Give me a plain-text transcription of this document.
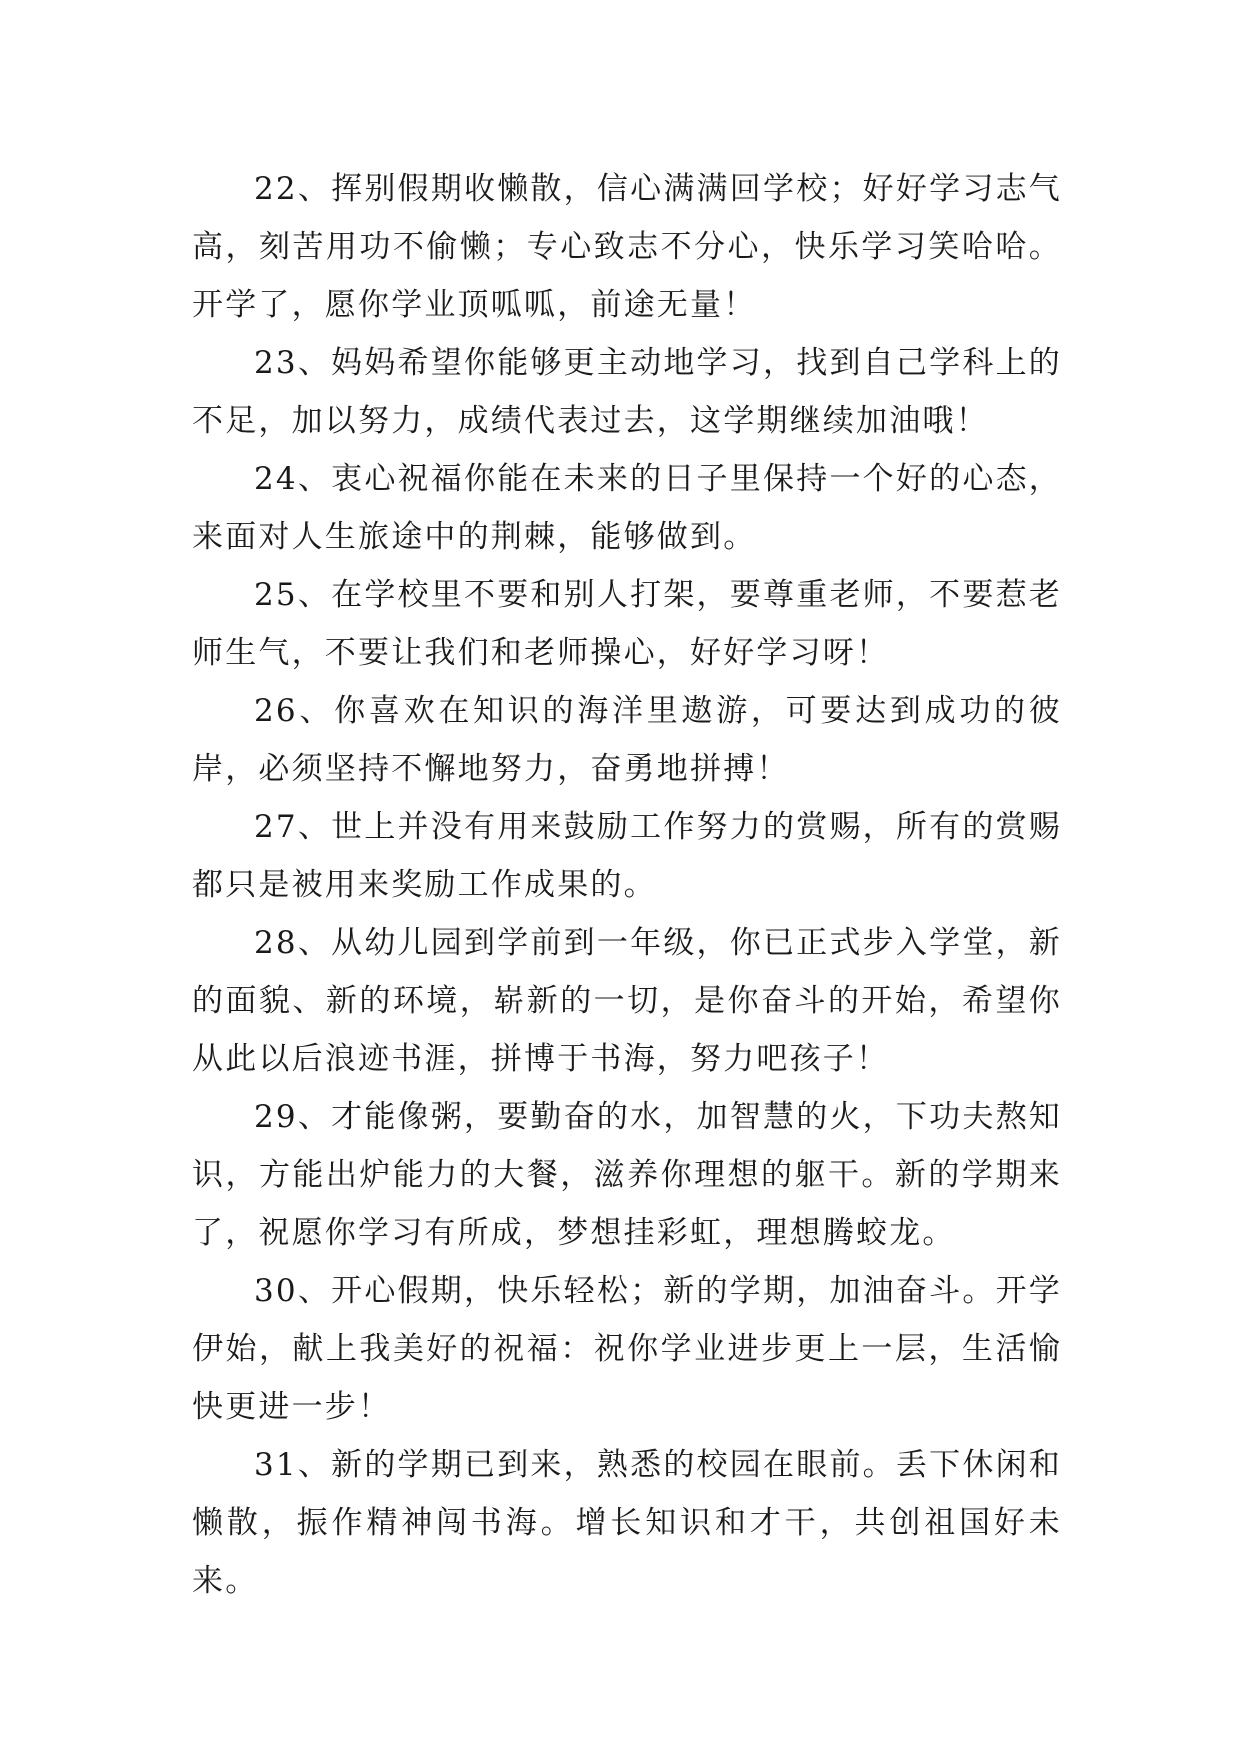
22、挥别假期收懒散，信心满满回学校；好好学习志气高，刻苦用功不偷懒；专心致志不分心，快乐学习笑哈哈。开学了，愿你学业顶呱呱，前途无量！

23、妈妈希望你能够更主动地学习，找到自己学科上的不足，加以努力，成绩代表过去，这学期继续加油哦！

24、衷心祝福你能在未来的日子里保持一个好的心态，来面对人生旅途中的荆棘，能够做到。

25、在学校里不要和别人打架，要尊重老师，不要惹老师生气，不要让我们和老师操心，好好学习呀！

26、你喜欢在知识的海洋里遨游，可要达到成功的彼岸，必须坚持不懈地努力，奋勇地拼搏！

27、世上并没有用来鼓励工作努力的赏赐，所有的赏赐都只是被用来奖励工作成果的。

28、从幼儿园到学前到一年级，你已正式步入学堂，新的面貌、新的环境，崭新的一切，是你奋斗的开始，希望你从此以后浪迹书涯，拼博于书海，努力吧孩子！

29、才能像粥，要勤奋的水，加智慧的火，下功夫熬知识，方能出炉能力的大餐，滋养你理想的躯干。新的学期来了，祝愿你学习有所成，梦想挂彩虹，理想腾蛟龙。

30、开心假期，快乐轻松；新的学期，加油奋斗。开学伊始，献上我美好的祝福：祝你学业进步更上一层，生活愉快更进一步！

31、新的学期已到来，熟悉的校园在眼前。丢下休闲和懒散，振作精神闯书海。增长知识和才干，共创祖国好未来。
